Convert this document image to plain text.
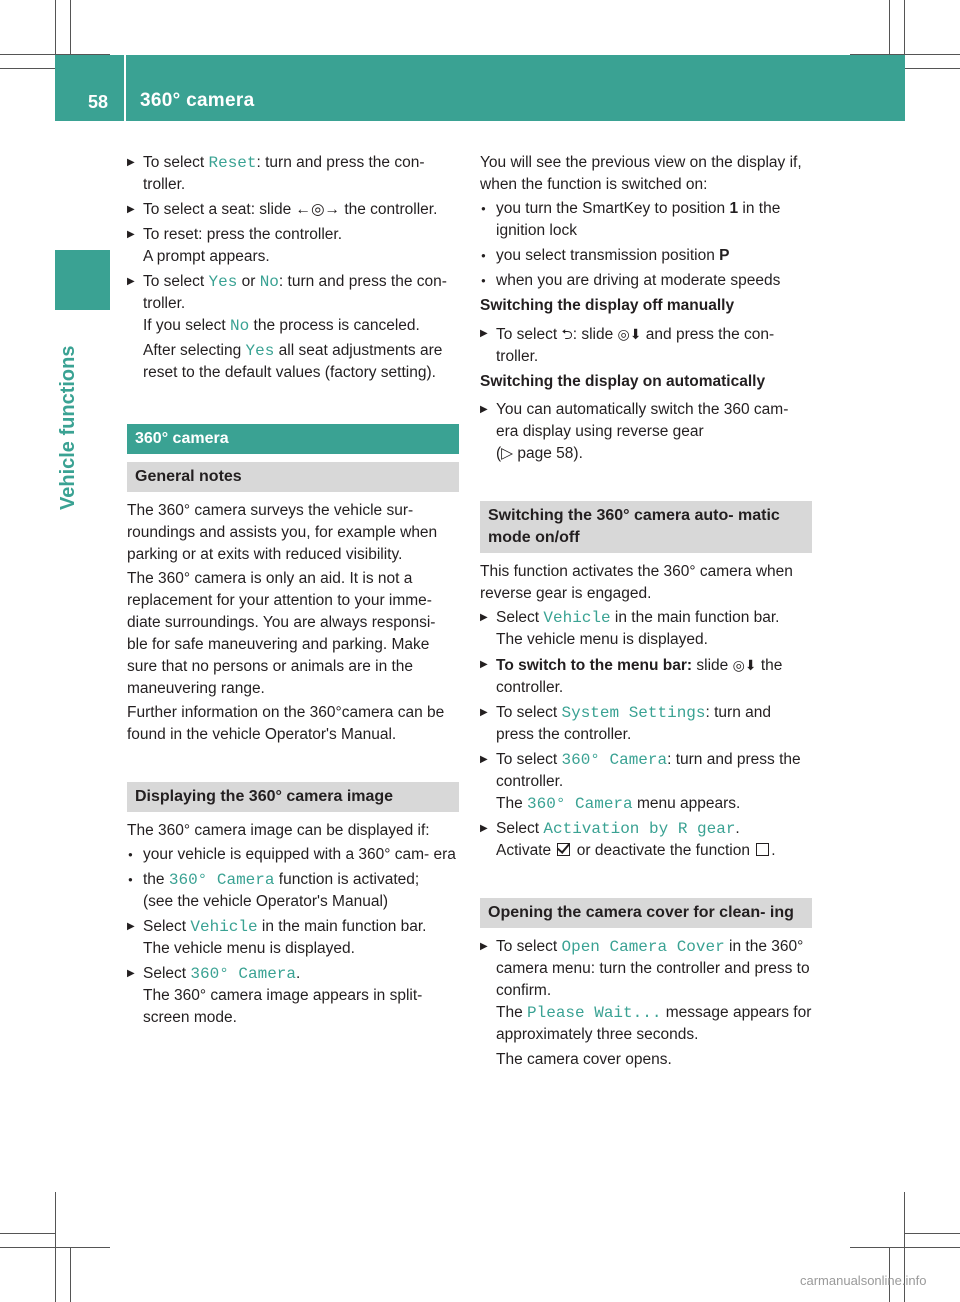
58 360° camera
Vehicle functions
▶ To select Reset: turn and press the con-
troller.
▶ To select a seat: slide ←◎→ the controller.
▶ To reset: press the controller.
A prompt appears.
▶ To select Yes or No: turn and press the con-
troller.
If you select No the process is canceled.
After selecting Yes all seat adjustments are reset to the default values (factory setting).
360° camera
General notes

The 360° camera surveys the vehicle sur- roundings and assists you, for example when parking or at exits with reduced visibility.

The 360° camera is only an aid. It is not a replacement for your attention to your imme- diate surroundings. You are always responsi- ble for safe maneuvering and parking. Make sure that no persons or animals are in the maneuvering range.

Further information on the 360°camera can be found in the vehicle Operator's Manual.

Displaying the 360° camera image

The 360° camera image can be displayed if:

● your vehicle is equipped with a 360° cam- era
● the 360° Camera function is activated;
(see the vehicle Operator's Manual)
▶ Select Vehicle in the main function bar.
The vehicle menu is displayed.
▶ Select 360° Camera.
The 360° camera image appears in split- screen mode.

You will see the previous view on the display if, when the function is switched on:

● you turn the SmartKey to position 1 in the ignition lock
● you select transmission position P
● when you are driving at moderate speeds
Switching the display off manually
▶ To select ⮌: slide ◎⬇ and press the con- troller.
Switching the display on automatically
▶ You can automatically switch the 360 cam- era display using reverse gear
(▷ page 58).
Switching the 360° camera auto- matic mode on/off

This function activates the 360° camera when reverse gear is engaged.

▶ Select Vehicle in the main function bar.
The vehicle menu is displayed.
▶ To switch to the menu bar: slide ◎⬇ the controller.
▶ To select System Settings: turn and press the controller.
▶ To select 360° Camera: turn and press the controller.
The 360° Camera menu appears.
▶ Select Activation by R gear.
Activate  or deactivate the function .
Opening the camera cover for clean- ing
▶ To select Open Camera Cover in the 360° camera menu: turn the controller and press to confirm.
The Please Wait... message appears for approximately three seconds.
The camera cover opens.
carmanualsonline.info
